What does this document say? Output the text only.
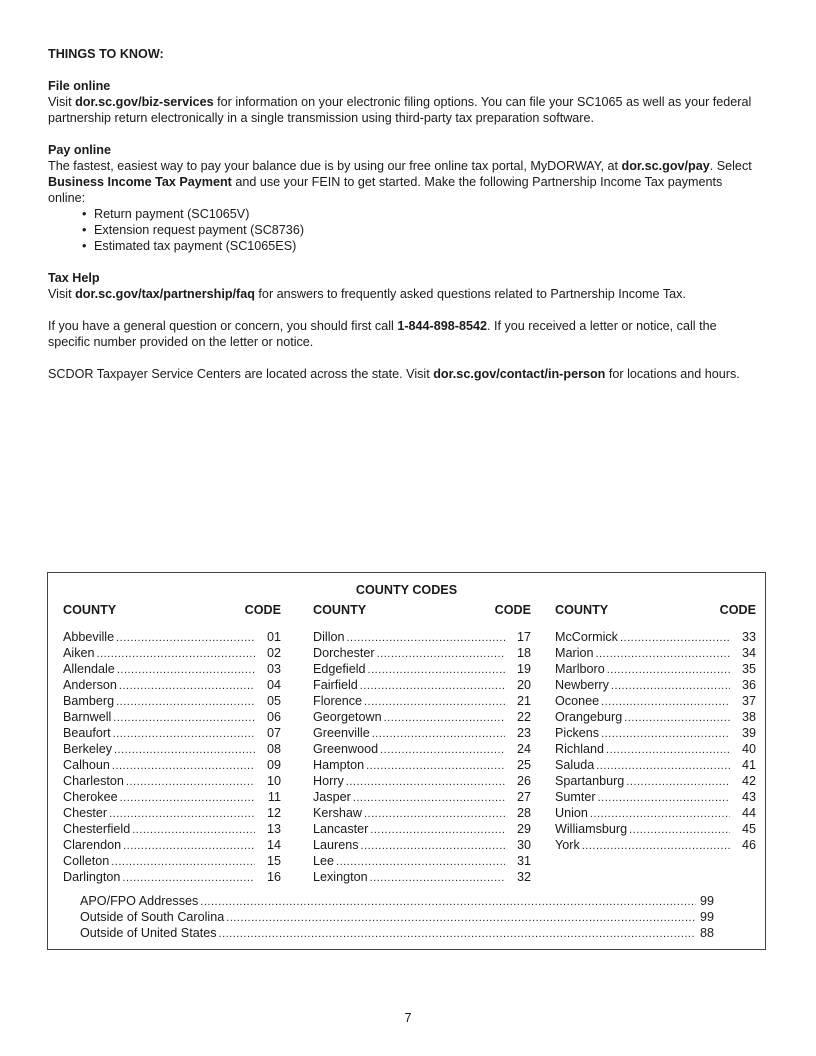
THINGS TO KNOW:
File online

Visit dor.sc.gov/biz-services for information on your electronic filing options. You can file your SC1065 as well as your federal partnership return electronically in a single transmission using third-party tax preparation software.

Pay online

The fastest, easiest way to pay your balance due is by using our free online tax portal, MyDORWAY, at dor.sc.gov/pay. Select Business Income Tax Payment and use your FEIN to get started. Make the following Partnership Income Tax payments online:

• Return payment (SC1065V)
• Extension request payment (SC8736)
• Estimated tax payment (SC1065ES)
Tax Help

Visit dor.sc.gov/tax/partnership/faq for answers to frequently asked questions related to Partnership Income Tax.

If you have a general question or concern, you should first call 1-844-898-8542. If you received a letter or notice, call the specific number provided on the letter or notice.

SCDOR Taxpayer Service Centers are located across the state. Visit dor.sc.gov/contact/in-person for locations and hours.

COUNTY CODES
COUNTY	CODE
Abbeville .....	01
Aiken .....	02
Allendale .....	03
Anderson .....	04
Bamberg .....	05
Barnwell .....	06
Beaufort .....	07
Berkeley .....	08
Calhoun .....	09
Charleston .....	10
Cherokee .....	11
Chester .....	12
Chesterfield .....	13
Clarendon .....	14
Colleton .....	15
Darlington .....	16
COUNTY	CODE
Dillon .....	17
Dorchester .....	18
Edgefield .....	19
Fairfield .....	20
Florence .....	21
Georgetown .....	22
Greenville .....	23
Greenwood .....	24
Hampton .....	25
Horry .....	26
Jasper .....	27
Kershaw .....	28
Lancaster .....	29
Laurens .....	30
Lee .....	31
Lexington .....	32
COUNTY	CODE
McCormick .....	33
Marion .....	34
Marlboro .....	35
Newberry .....	36
Oconee .....	37
Orangeburg .....	38
Pickens .....	39
Richland .....	40
Saluda .....	41
Spartanburg .....	42
Sumter .....	43
Union .....	44
Williamsburg .....	45
York .....	46
APO/FPO Addresses .....	99
Outside of South Carolina .....	99
Outside of United States .....	88
7
